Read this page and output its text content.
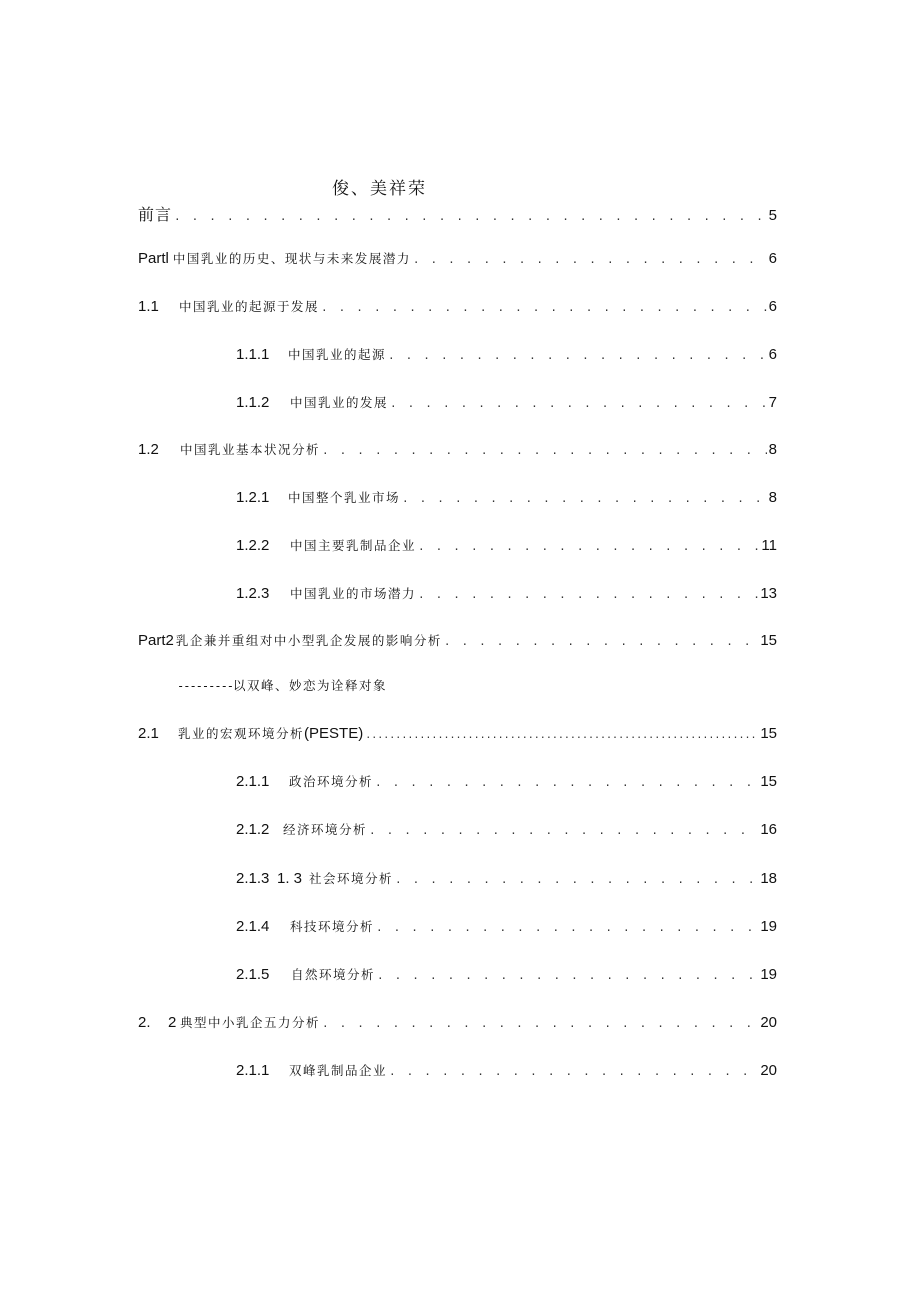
俊、美祥荣
前言 . . .	5
Partl 中国乳业的历史、现状与未来发展潜力 . . .	6
1.1	中国乳业的起源于发展 . . .	6
1.1.1	中国乳业的起源 . . .	6
1.1.2	中国乳业的发展 . . .	7
1.2	中国乳业基本状况分析 . . .	8
1.2.1	中国整个乳业市场 . . .	8
1.2.2	中国主要乳制品企业 . . .	11
1.2.3	中国乳业的市场潜力 . . .	13
Part2 乳企兼并重组对中小型乳企发展的影响分析 . . .	15
---------以双峰、妙恋为诠释对象
2.1	乳业的宏观环境分析 (PESTE) .....	15
2.1.1	政治环境分析 . . .	15
2.1.2	经济环境分析 . . .	16
2.1.3 1. 3 社会环境分析 . . .	18
2.1.4	科技环境分析 . . .	19
2.1.5	自然环境分析 . . .	19
2.	2 典型中小乳企五力分析 . . .	20
2.1.1	双峰乳制品企业 . . .	20
